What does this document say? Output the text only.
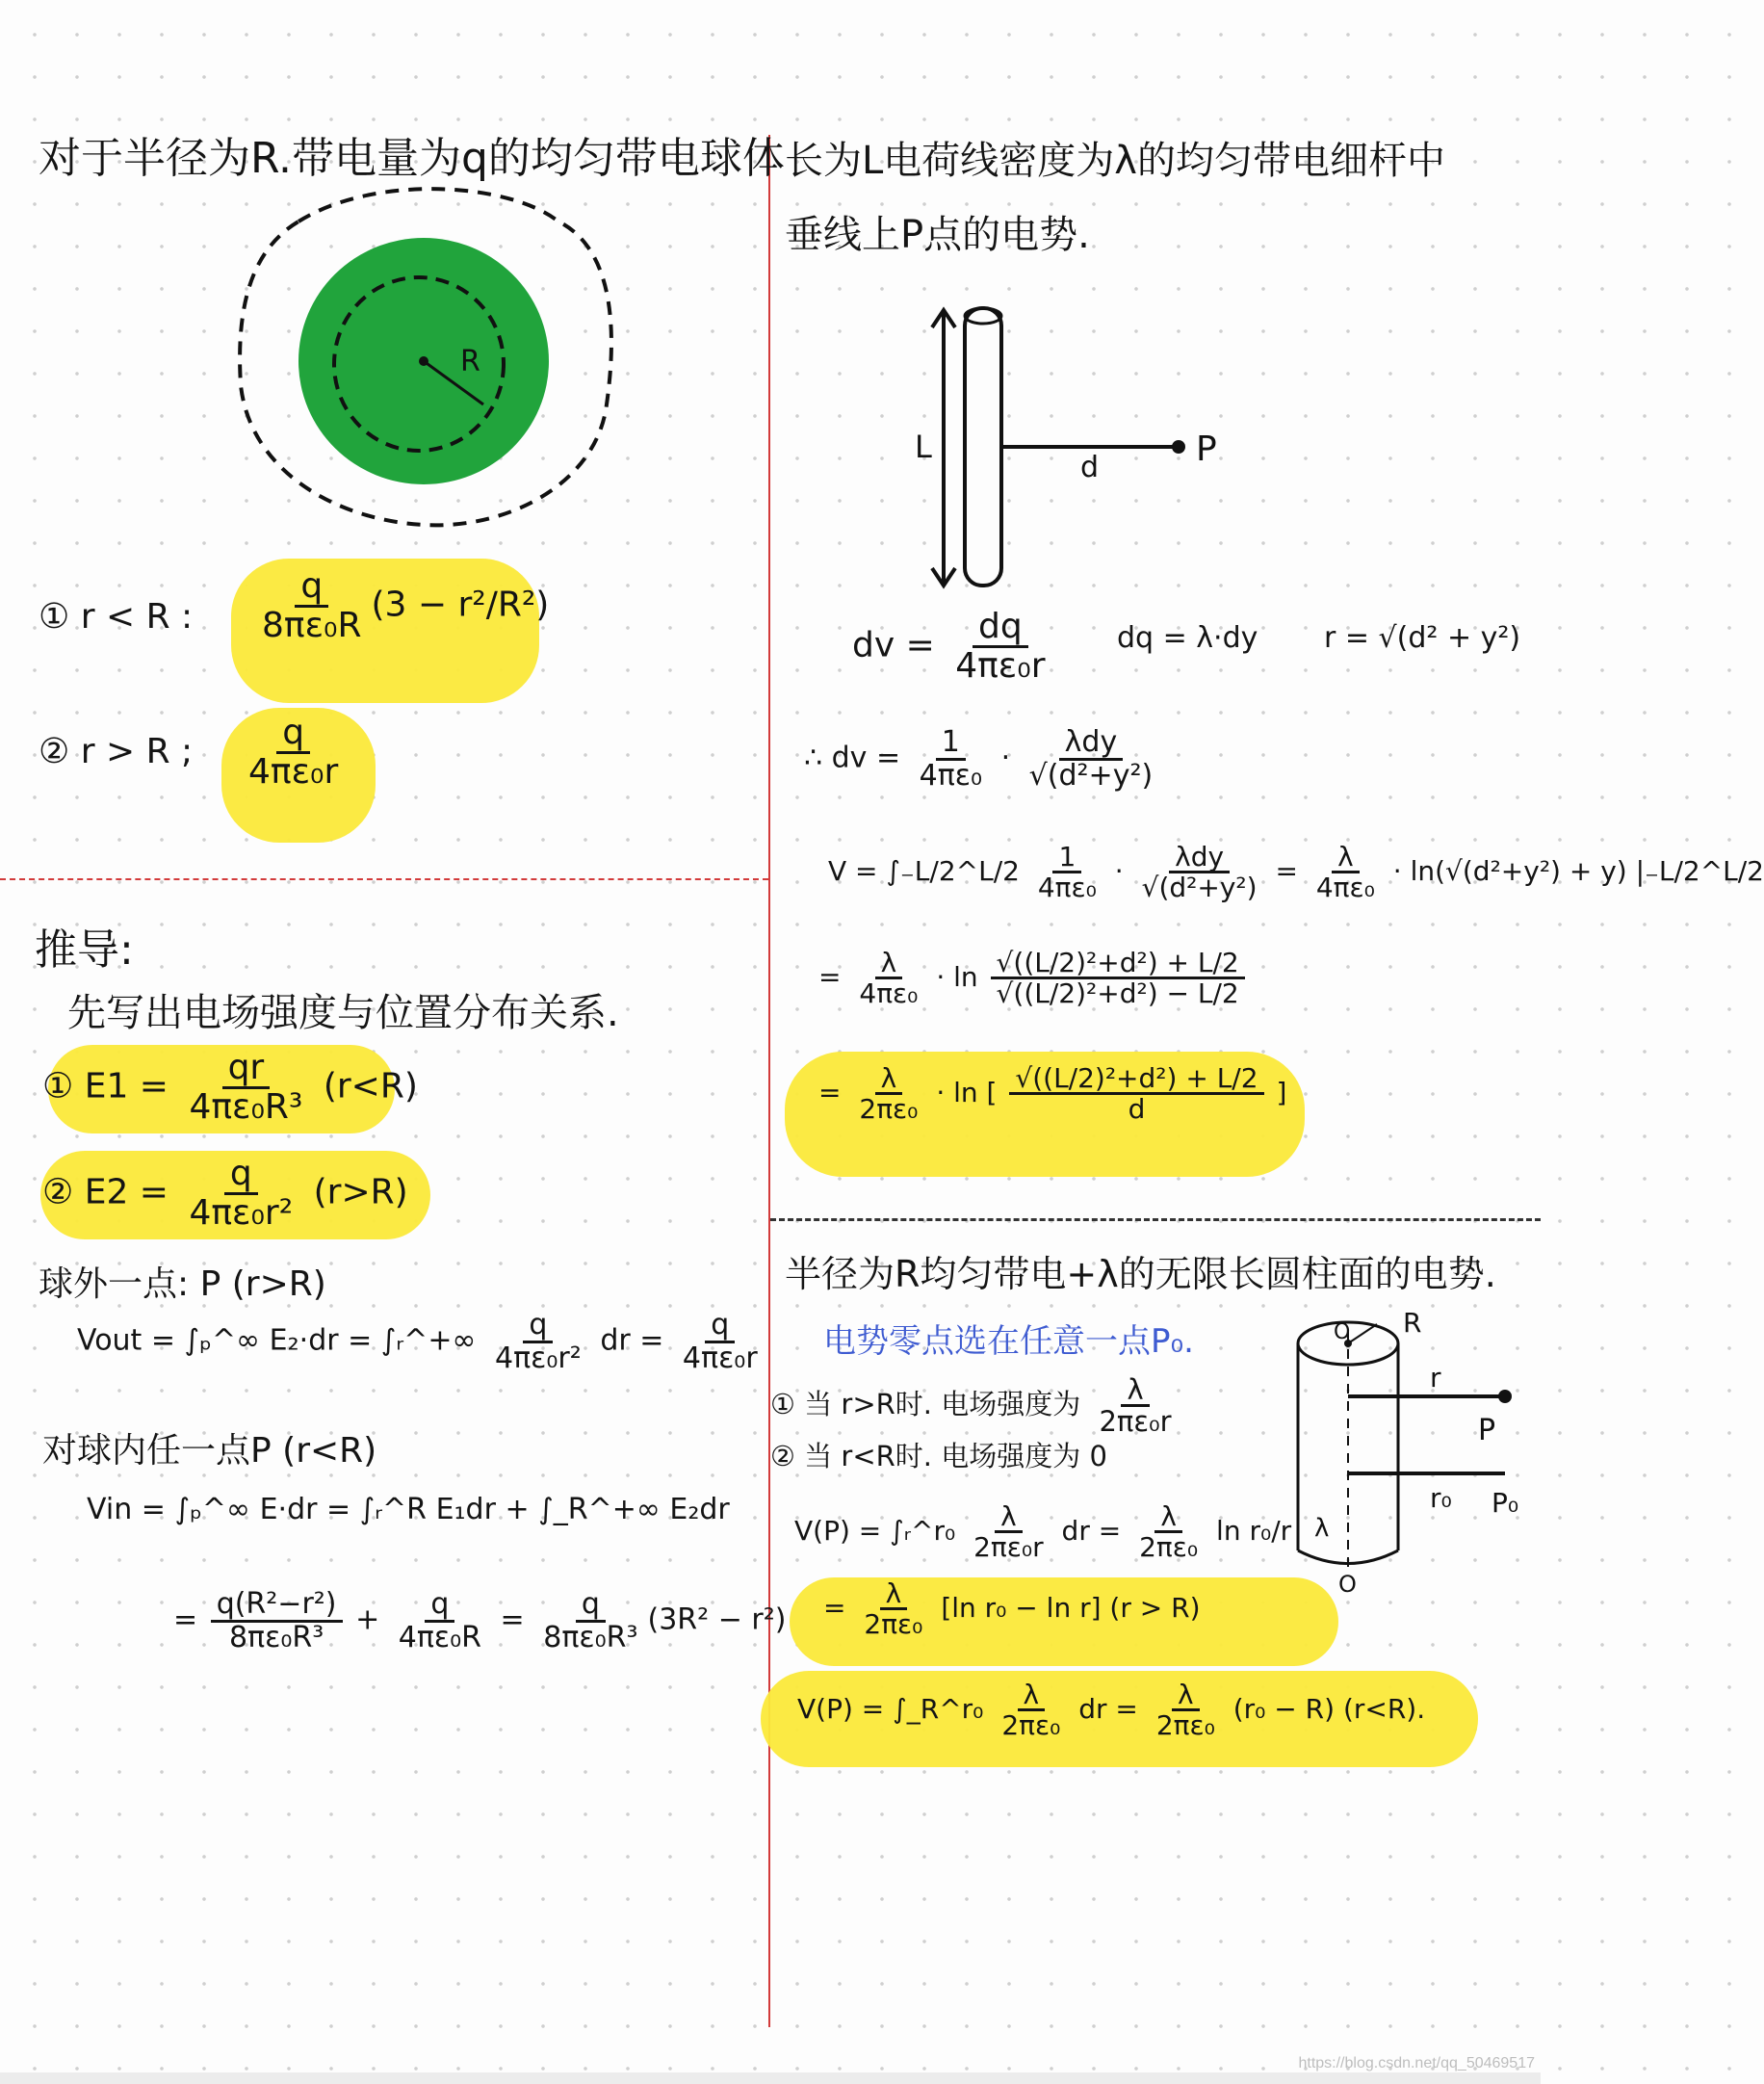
对于半径为R.带电量为q的均匀带电球体
R
① r < R : $\frac{q}{\text{8πε₀R}} (3 - r^2/R^2)$
② r > R ; $\frac{q}{\text{4πε₀r}}$
推导:
先写出电场强度与位置分布关系.
① $E1 = \frac{qr}{\text{4πε₀R³}} (r<R)$
② $E2 = \frac{q}{\text{4πε₀r²}} (r>R)$
球外一点: P (r>R)
Vout = ∫ₚ^∞ E₂·dr = ∫ᵣ^+∞ $\frac{q}{\text{4πε₀r²}}$ dr = $\frac{q}{\text{4πε₀r}}$
对球内任一点P (r<R)
Vin = ∫ₚ^∞ E·dr = ∫ᵣ^R E₁dr + ∫_R^+∞ E₂dr
= $\frac{\text{q(R²−r²)}}{\text{8πε₀R³}} + \frac{q}{\text{4πε₀R}} = \frac{q}{\text{8πε₀R³}} (3R^2 - r^2)$
长为L电荷线密度为λ的均匀带电细杆中
垂线上P点的电势.
L
d	P
dv = $\frac{dq}{\text{4πε₀r}}$ dq = λ·dy r = √(d² + y²)
∴ dv = $\frac{1}{\text{4πε₀}} \cdot \frac{\text{λdy}}{\text{√(d²+y²)}}$
V = ∫₋L/2^L/2 $\frac{1}{\text{4πε₀}} \cdot \frac{\text{λdy}}{\text{√(d²+y²)}} = \frac{\lambda}{\text{4πε₀}} \cdot \ln(√(d^2+y^2) + y)$ |₋L/2^L/2
= $\frac{\lambda}{\text{4πε₀}} \cdot \ln \frac{\text{√((L/2)²+d²) + L/2}}{\text{√((L/2)²+d²) − L/2}}$
= $\frac{\lambda}{\text{2πε₀}} \cdot \ln$ [ $\frac{\text{√((L/2)²+d²) + L/2}}{d}$ ]
半径为R均匀带电+λ的无限长圆柱面的电势.
电势零点选在任意一点P₀.
① 当 r>R时. 电场强度为 $\frac{\lambda}{\text{2πε₀r}}$
② 当 r<R时. 电场强度为 0
O R
r
P
r₀ P₀
λ
O
V(P) = ∫ᵣ^r₀ $\frac{\lambda}{\text{2πε₀r}}$ dr = $\frac{\lambda}{\text{2πε₀}}$ ln r₀/r
= $\frac{\lambda}{\text{2πε₀}} [\ln$ r₀ − ln r] (r > R)
V(P) = ∫_R^r₀ $\frac{\lambda}{\text{2πε₀}}$ dr = $\frac{\lambda}{\text{2πε₀}} (r_0 - R)$ (r<R).
https://blog.csdn.net/qq_50469517
